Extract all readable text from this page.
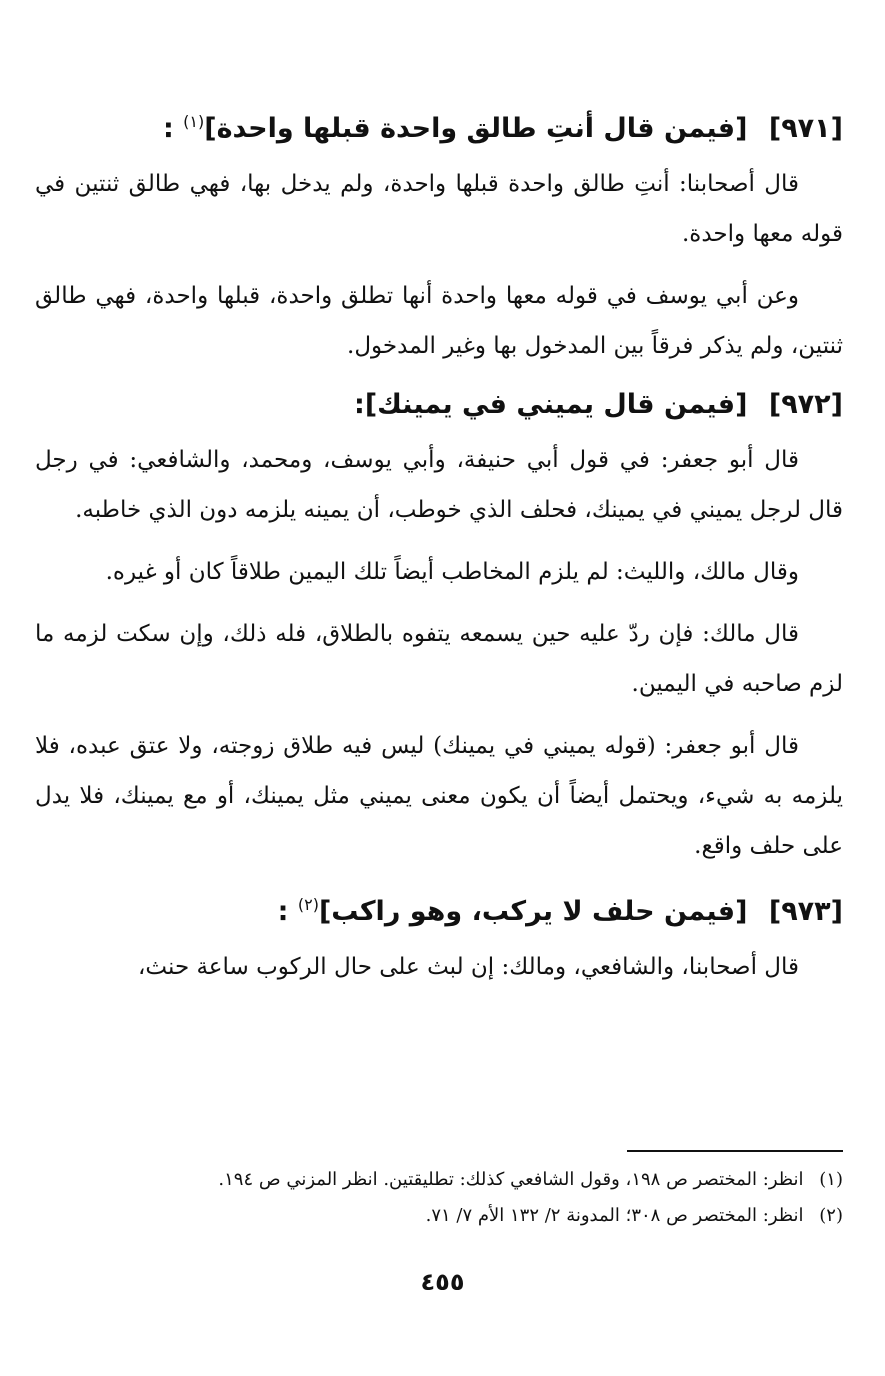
[٩٧١] [فيمن قال أنتِ طالق واحدة قبلها واحدة]$^{(١)}$ :

قال أصحابنا: أنتِ طالق واحدة قبلها واحدة، ولم يدخل بها، فهي طالق ثنتين في قوله معها واحدة.

وعن أبي يوسف في قوله معها واحدة أنها تطلق واحدة، قبلها واحدة، فهي طالق ثنتين، ولم يذكر فرقاً بين المدخول بها وغير المدخول.

[٩٧٢] [فيمن قال يميني في يمينك]:

قال أبو جعفر: في قول أبي حنيفة، وأبي يوسف، ومحمد، والشافعي: في رجل قال لرجل يميني في يمينك، فحلف الذي خوطب، أن يمينه يلزمه دون الذي خاطبه.

وقال مالك، والليث: لم يلزم المخاطب أيضاً تلك اليمين طلاقاً كان أو غيره.

قال مالك: فإن ردّ عليه حين يسمعه يتفوه بالطلاق، فله ذلك، وإن سكت لزمه ما لزم صاحبه في اليمين.

قال أبو جعفر: (قوله يميني في يمينك) ليس فيه طلاق زوجته، ولا عتق عبده، فلا يلزمه به شيء، ويحتمل أيضاً أن يكون معنى يميني مثل يمينك، أو مع يمينك، فلا يدل على حلف واقع.

[٩٧٣] [فيمن حلف لا يركب، وهو راكب]$^{(٢)}$ :

قال أصحابنا، والشافعي، ومالك: إن لبث على حال الركوب ساعة حنث،

(١) انظر: المختصر ص ١٩٨، وقول الشافعي كذلك: تطليقتين. انظر المزني ص ١٩٤.

(٢) انظر: المختصر ص ٣٠٨؛ المدونة ٢/ ١٣٢ الأم ٧/ ٧١.

٤٥٥
